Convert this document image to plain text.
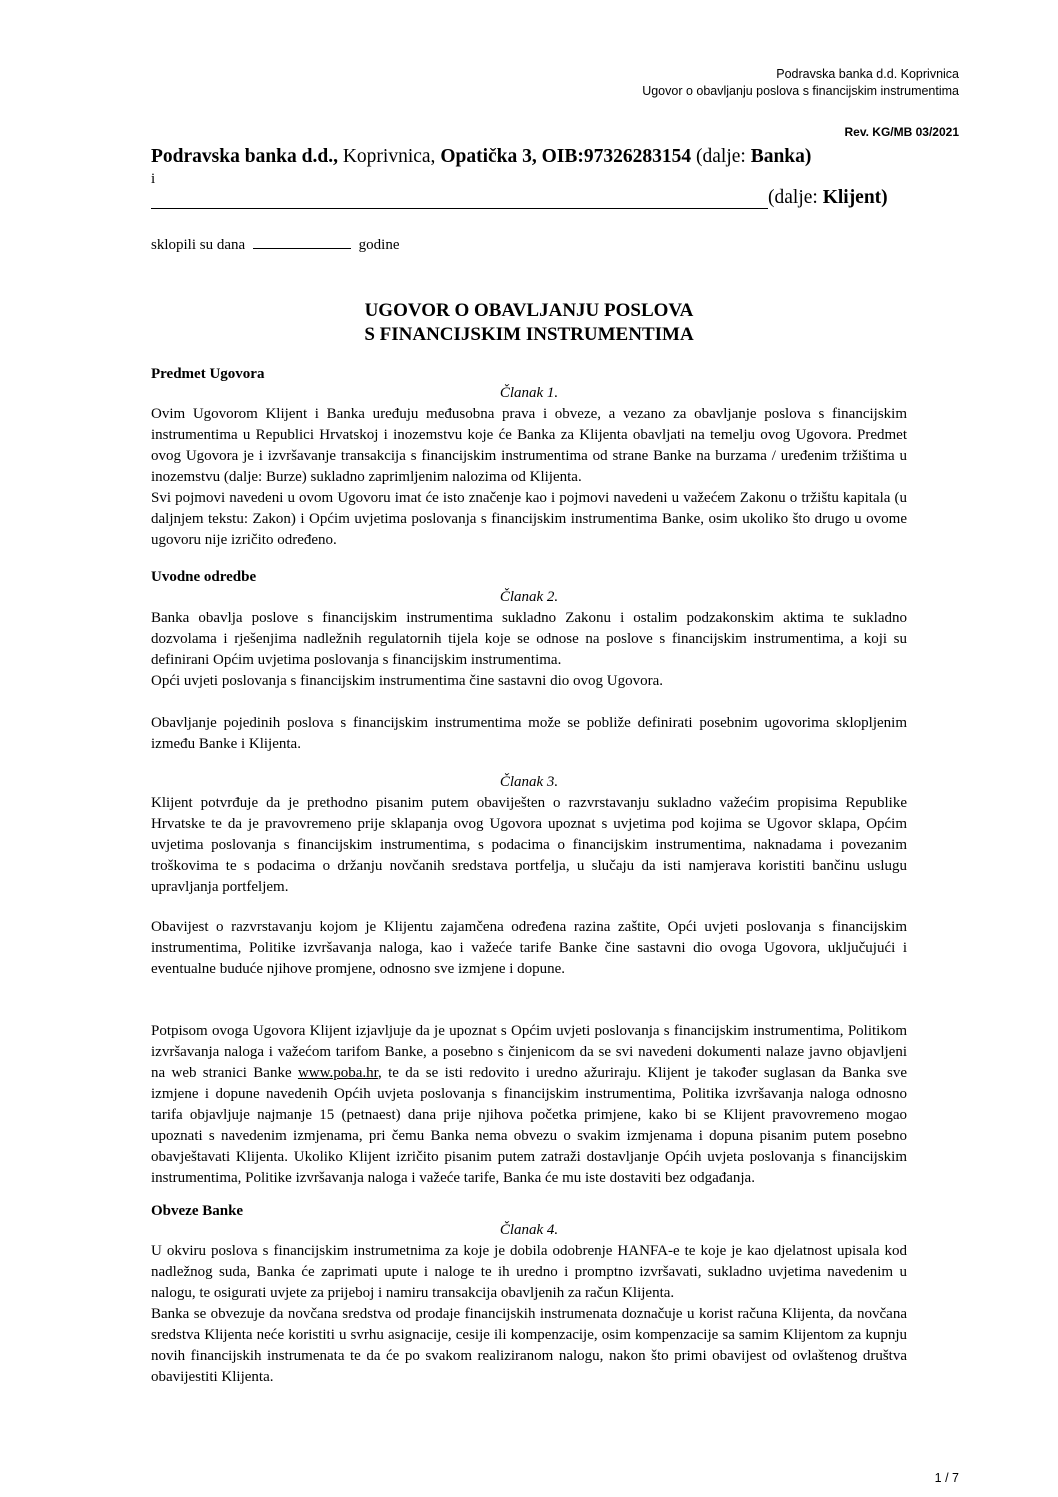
Podravska banka d.d. Koprivnica
Ugovor o obavljanju poslova s financijskim instrumentima
Rev. KG/MB 03/2021
Podravska banka d.d., Koprivnica, Opatička 3, OIB:97326283154 (dalje: Banka)
i
(dalje:
Klijent)
sklopili su dana	godine
UGOVOR O OBAVLJANJU POSLOVA
S FINANCIJSKIM INSTRUMENTIMA
Predmet Ugovora
Članak 1.

Ovim Ugovorom Klijent i Banka uređuju međusobna prava i obveze, a vezano za obavljanje poslova s financijskim instrumentima u Republici Hrvatskoj i inozemstvu koje će Banka za Klijenta obavljati na temelju ovog Ugovora. Predmet ovog Ugovora je i izvršavanje transakcija s financijskim instrumentima od strane Banke na burzama / uređenim tržištima u inozemstvu (dalje: Burze) sukladno zaprimljenim nalozima od Klijenta.

Svi pojmovi navedeni u ovom Ugovoru imat će isto značenje kao i pojmovi navedeni u važećem Zakonu o tržištu kapitala (u daljnjem tekstu: Zakon) i Općim uvjetima poslovanja s financijskim instrumentima Banke, osim ukoliko što drugo u ovome ugovoru nije izričito određeno.

Uvodne odredbe
Članak 2.

Banka obavlja poslove s financijskim instrumentima sukladno Zakonu i ostalim podzakonskim aktima te sukladno dozvolama i rješenjima nadležnih regulatornih tijela koje se odnose na poslove s financijskim instrumentima, a koji su definirani Općim uvjetima poslovanja s financijskim instrumentima.

Opći uvjeti poslovanja s financijskim instrumentima čine sastavni dio ovog Ugovora.

Obavljanje pojedinih poslova s financijskim instrumentima može se pobliže definirati posebnim ugovorima sklopljenim između Banke i Klijenta.

Članak 3.

Klijent potvrđuje da je prethodno pisanim putem obaviješten o razvrstavanju sukladno važećim propisima Republike Hrvatske te da je pravovremeno prije sklapanja ovog Ugovora upoznat s uvjetima pod kojima se Ugovor sklapa, Općim uvjetima poslovanja s financijskim instrumentima, s podacima o financijskim instrumentima, naknadama i povezanim troškovima te s podacima o držanju novčanih sredstava portfelja, u slučaju da isti namjerava koristiti bančinu uslugu upravljanja portfeljem.

Obavijest o razvrstavanju kojom je Klijentu zajamčena određena razina zaštite, Opći uvjeti poslovanja s financijskim instrumentima, Politike izvršavanja naloga, kao i važeće tarife Banke čine sastavni dio ovoga Ugovora, uključujući i eventualne buduće njihove promjene, odnosno sve izmjene i dopune.

Potpisom ovoga Ugovora Klijent izjavljuje da je upoznat s Općim uvjeti poslovanja s financijskim instrumentima, Politikom izvršavanja naloga i važećom tarifom Banke, a posebno s činjenicom da se svi navedeni dokumenti nalaze javno objavljeni na web stranici Banke www.poba.hr, te da se isti redovito i uredno ažuriraju. Klijent je također suglasan da Banka sve izmjene i dopune navedenih Općih uvjeta poslovanja s financijskim instrumentima, Politika izvršavanja naloga odnosno tarifa objavljuje najmanje 15 (petnaest) dana prije njihova početka primjene, kako bi se Klijent pravovremeno mogao upoznati s navedenim izmjenama, pri čemu Banka nema obvezu o svakim izmjenama i dopuna pisanim putem posebno obavještavati Klijenta. Ukoliko Klijent izričito pisanim putem zatraži dostavljanje Općih uvjeta poslovanja s financijskim instrumentima, Politike izvršavanja naloga i važeće tarife, Banka će mu iste dostaviti bez odgađanja.

Obveze Banke
Članak 4.

U okviru poslova s financijskim instrumetnima za koje je dobila odobrenje HANFA-e te koje je kao djelatnost upisala kod nadležnog suda, Banka će zaprimati upute i naloge te ih uredno i promptno izvršavati, sukladno uvjetima navedenim u nalogu, te osigurati uvjete za prijeboj i namiru transakcija obavljenih za račun Klijenta.

Banka se obvezuje da novčana sredstva od prodaje financijskih instrumenata doznačuje u korist računa Klijenta, da novčana sredstva Klijenta neće koristiti u svrhu asignacije, cesije ili kompenzacije, osim kompenzacije sa samim Klijentom za kupnju novih financijskih instrumenata te da će po svakom realiziranom nalogu, nakon što primi obavijest od ovlaštenog društva obavijestiti Klijenta.

1 / 7
